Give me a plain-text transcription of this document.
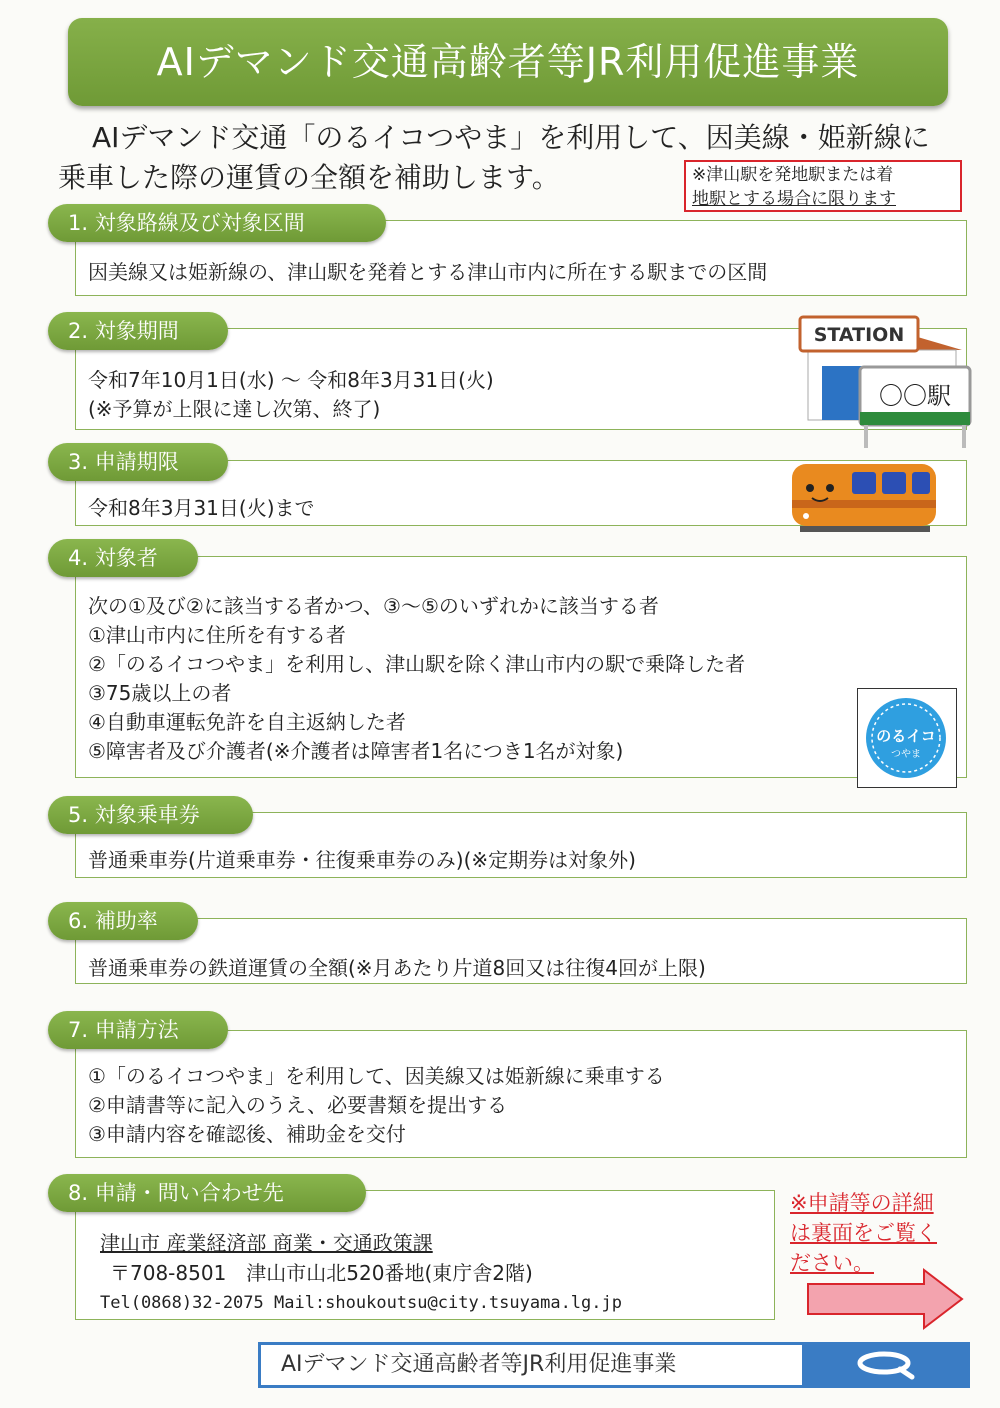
AIデマンド交通高齢者等JR利用促進事業
AIデマンド交通「のるイコつやま」を利用して、因美線・姫新線に
乗車した際の運賃の全額を補助します。	※津山駅を発地駅または着
地駅とする場合に限ります
1. 対象路線及び対象区間
因美線又は姫新線の、津山駅を発着とする津山市内に所在する駅までの区間
2. 対象期間
令和7年10月1日(水) ～ 令和8年3月31日(火)
(※予算が上限に達し次第、終了)
STATION
〇〇駅
3. 申請期限
令和8年3月31日(火)まで
4. 対象者
次の①及び②に該当する者かつ、③～⑤のいずれかに該当する者
①津山市内に住所を有する者
②「のるイコつやま」を利用し、津山駅を除く津山市内の駅で乗降した者
③75歳以上の者
④自動車運転免許を自主返納した者
⑤障害者及び介護者(※介護者は障害者1名につき1名が対象)
のるイコ
つやま
5. 対象乗車券
普通乗車券(片道乗車券・往復乗車券のみ)(※定期券は対象外)
6. 補助率
普通乗車券の鉄道運賃の全額(※月あたり片道8回又は往復4回が上限)
7. 申請方法
①「のるイコつやま」を利用して、因美線又は姫新線に乗車する
②申請書等に記入のうえ、必要書類を提出する
③申請内容を確認後、補助金を交付
8. 申請・問い合わせ先
津山市 産業経済部 商業・交通政策課
〒708-8501　津山市山北520番地(東庁舎2階)
Tel(0868)32-2075 Mail:shoukoutsu@city.tsuyama.lg.jp
※申請等の詳細
は裏面をご覧く
ださい。
AIデマンド交通高齢者等JR利用促進事業
